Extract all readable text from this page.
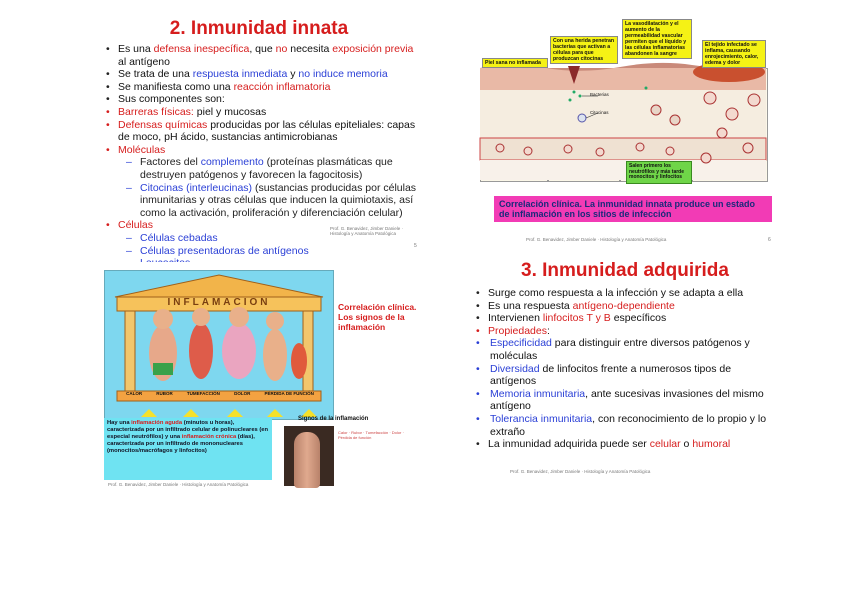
2. Inmunidad innata
• Es una defensa inespecífica, que no necesita exposición previa al antígeno
• Se trata de una respuesta inmediata y no induce memoria
• Se manifiesta como una reacción inflamatoria
• Sus componentes son:
• Barreras físicas: piel y mucosas
• Defensas químicas producidas por las células epiteliales: capas de moco, pH ácido, sustancias antimicrobianas
• Moléculas
– Factores del complemento (proteínas plasmáticas que destruyen patógenos y favorecen la fagocitosis)
– Citocinas (interleucinas) (sustancias producidas por células inmunitarias y otras células que inducen la quimiotaxis, así como la activación, proliferación y diferenciación celular)
• Células
– Células cebadas
– Células presentadoras de antígenos
–
Prof. G. Benavidez, Jimber Daniele · Histología y Anatomía Patológica
5
Piel sana no inflamada
Con una herida penetran bacterias que activan a células para que produzcan citocinas
La vasodilatación y el aumento de la permeabilidad vascular permiten que el líquido y las células inflamatorias abandonen la sangre
El tejido infectado se inflama, causando enrojecimiento, calor, edema y dolor
Bacterias
Citocinas
Salen primero los neutrófilos y más tarde monocitos y linfocitos
Correlación clínica. La inmunidad innata produce un estado de inflamación en los sitios de infección
Prof. G. Benavidez, Jimber Daniele · Histología y Anatomía Patológica	6
INFLAMACION
CALOR	RUBOR	TUMEFACCIÓN	DOLOR	PÉRDIDA DE FUNCIÓN
Correlación clínica. Los signos de la inflamación
Hay una inflamación aguda (minutos u horas), caracterizada por un infiltrado celular de polinucleares (en especial neutrófilos) y una inflamación crónica (días), caracterizada por un infiltrado de mononucleares (monocitos/macrófagos y linfocitos)
Signos de la inflamación
Calor · Rubor · Tumefacción · Dolor · Pérdida de función
Prof. G. Benavidez, Jimber Daniele · Histología y Anatomía Patológica
3. Inmunidad adquirida
• Surge como respuesta a la infección y se adapta a ella
• Es una respuesta antígeno-dependiente
• Intervienen linfocitos T y B específicos
• Propiedades:
• Especificidad para distinguir entre diversos patógenos y moléculas
• Diversidad de linfocitos frente a numerosos tipos de antígenos
• Memoria inmunitaria, ante sucesivas invasiones del mismo antígeno
• Tolerancia inmunitaria, con reconocimiento de lo propio y lo extraño
• La inmunidad adquirida puede ser celular o humoral
Prof. G. Benavidez, Jimber Daniele · Histología y Anatomía Patológica
